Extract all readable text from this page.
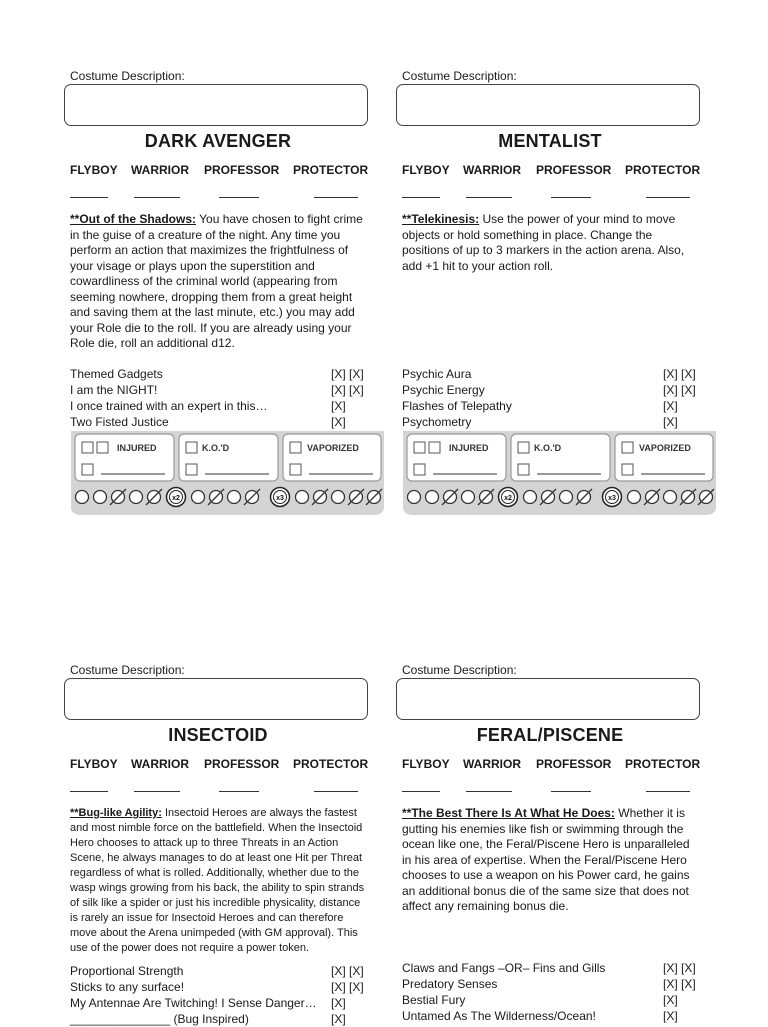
Costume Description:
DARK AVENGER
FLYBOY WARRIOR PROFESSOR PROTECTOR
**Out of the Shadows: You have chosen to fight crime in the guise of a creature of the night. Any time you perform an action that maximizes the frightfulness of your visage or plays upon the superstition and cowardliness of the criminal world (appearing from seeming nowhere, dropping them from a great height and saving them at the last minute, etc.) you may add your Role die to the roll. If you are already using your Role die, roll an additional d12.
Themed Gadgets	[X] [X]
I am the NIGHT!	[X] [X]
I once trained with an expert in this…	[X]
Two Fisted Justice	[X]
INJURED	K.O.'D	VAPORIZED
x2	x3
Costume Description:
MENTALIST
FLYBOY WARRIOR PROFESSOR PROTECTOR
**Telekinesis: Use the power of your mind to move objects or hold something in place. Change the positions of up to 3 markers in the action arena. Also, add +1 hit to your action roll.
Psychic Aura	[X] [X]
Psychic Energy	[X] [X]
Flashes of Telepathy	[X]
Psychometry	[X]
INJURED	K.O.'D	VAPORIZED
x2	x3
Costume Description:
INSECTOID
FLYBOY WARRIOR PROFESSOR PROTECTOR
**Bug-like Agility: Insectoid Heroes are always the fastest and most nimble force on the battlefield. When the Insectoid Hero chooses to attack up to three Threats in an Action Scene, he always manages to do at least one Hit per Threat regardless of what is rolled. Additionally, whether due to the wasp wings growing from his back, the ability to spin strands of silk like a spider or just his incredible physicality, distance is rarely an issue for Insectoid Heroes and can therefore move about the Arena unimpeded (with GM approval). This use of the power does not require a power token.
Proportional Strength	[X] [X]
Sticks to any surface!	[X] [X]
My Antennae Are Twitching! I Sense Danger… [X]
_______________ (Bug Inspired)	[X]
Costume Description:
FERAL/PISCENE
FLYBOY WARRIOR PROFESSOR PROTECTOR
**The Best There Is At What He Does: Whether it is gutting his enemies like fish or swimming through the ocean like one, the Feral/Piscene Hero is unparalleled in his area of expertise. When the Feral/Piscene Hero chooses to use a weapon on his Power card, he gains an additional bonus die of the same size that does not affect any remaining bonus die.
Claws and Fangs –OR– Fins and Gills	[X] [X]
Predatory Senses	[X] [X]
Bestial Fury	[X]
Untamed As The Wilderness/Ocean!	[X]
